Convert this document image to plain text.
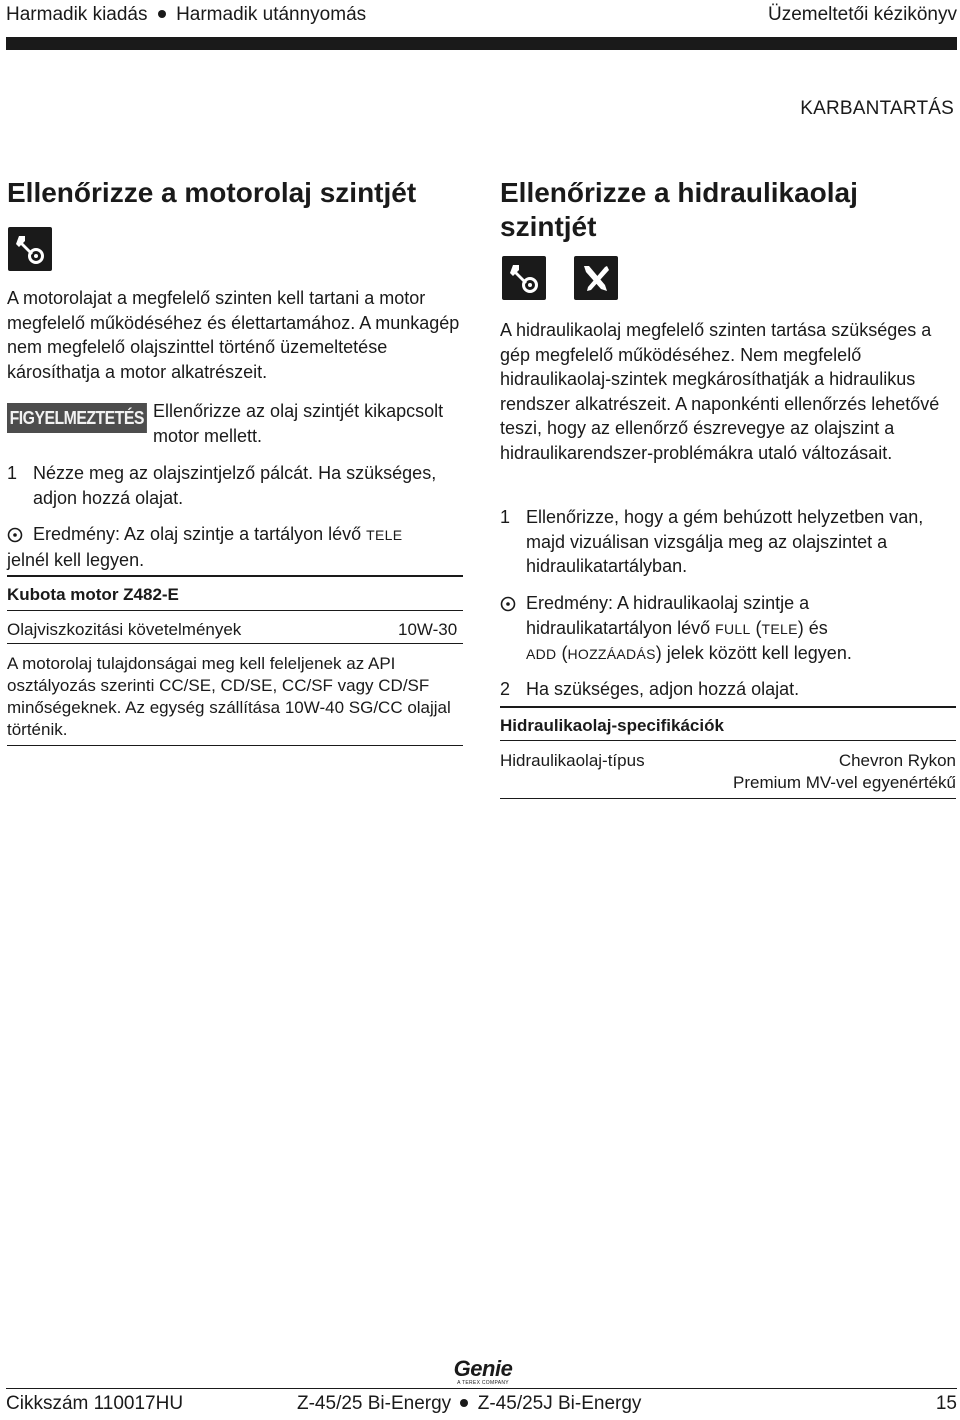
Harmadik kiadás Harmadik utánnyomás	Üzemeltetői kézikönyv
KARBANTARTÁS
Ellenőrizze a motorolaj szintjét

A motorolajat a megfelelő szinten kell tartani a motor megfelelő működéséhez és élettartamához. A munkagép nem megfelelő olajszinttel történő üzemeltetése károsíthatja a motor alkatrészeit.

FIGYELMEZTETÉS Ellenőrizze az olaj szintjét kikapcsolt motor mellett.

1 Nézze meg az olajszintjelző pálcát. Ha szükséges, adjon hozzá olajat.
Eredmény: Az olaj szintje a tartályon lévő TELE
jelnél kell legyen.
Kubota motor Z482-E
Olajviszkozitási követelmények	10W-30

A motorolaj tulajdonságai meg kell feleljenek az API osztályozás szerinti CC/SE, CD/SE, CC/SF vagy CD/SF minőségeknek. Az egység szállítása 10W-40 SG/CC olajjal történik.

Ellenőrizze a hidraulikaolaj
szintjét

A hidraulikaolaj megfelelő szinten tartása szükséges a gép megfelelő működéséhez. Nem megfelelő hidraulikaolaj-szintek megkárosíthatják a hidraulikus rendszer alkatrészeit. A naponkénti ellenőrzés lehetővé teszi, hogy az ellenőrző észrevegye az olajszint a hidraulikarendszer-problémákra utaló változásait.

1 Ellenőrizze, hogy a gém behúzott helyzetben van, majd vizuálisan vizsgálja meg az olajszintet a hidraulikatartályban.
Eredmény: A hidraulikaolaj szintje a
hidraulikatartályon lévő FULL (TELE) és
ADD (HOZZÁADÁS) jelek között kell legyen.
2 Ha szükséges, adjon hozzá olajat.
Hidraulikaolaj-specifikációk
Hidraulikaolaj-típus	Chevron Rykon
Premium MV-vel egyenértékű
Genie
A TEREX COMPANY
Cikkszám 110017HU	Z-45/25 Bi-Energy Z-45/25J Bi-Energy	15
